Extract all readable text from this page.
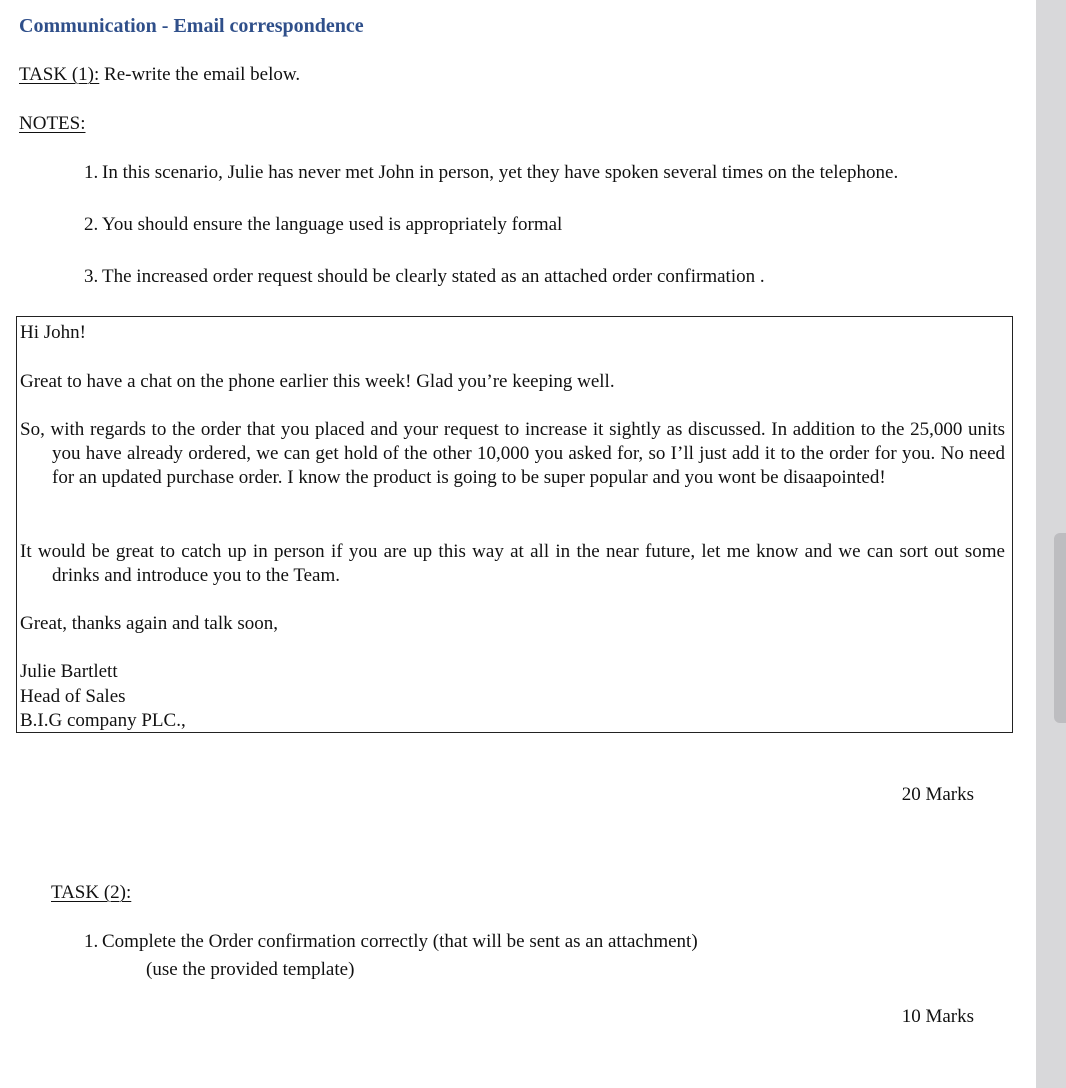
Communication - Email correspondence
TASK (1): Re-write the email below.
NOTES:
1. In this scenario, Julie has never met John in person, yet they have spoken several times on the telephone.
2. You should ensure the language used is appropriately formal
3. The increased order request should be clearly stated as an attached order confirmation .
Hi John!
Great to have a chat on the phone earlier this week! Glad you’re keeping well.
So, with regards to the order that you placed and your request to increase it sightly as discussed. In addition to the 25,000 units you have already ordered, we can get hold of the other 10,000 you asked for, so I’ll just add it to the order for you. No need for an updated purchase order. I know the product is going to be super popular and you wont be disaapointed!
It would be great to catch up in person if you are up this way at all in the near future, let me know and we can sort out some drinks and introduce you to the Team.
Great, thanks again and talk soon,
Julie Bartlett
Head of Sales
B.I.G company PLC.,
20 Marks
TASK (2):
1. Complete the Order confirmation correctly (that will be sent as an attachment)
(use the provided template)
10 Marks
